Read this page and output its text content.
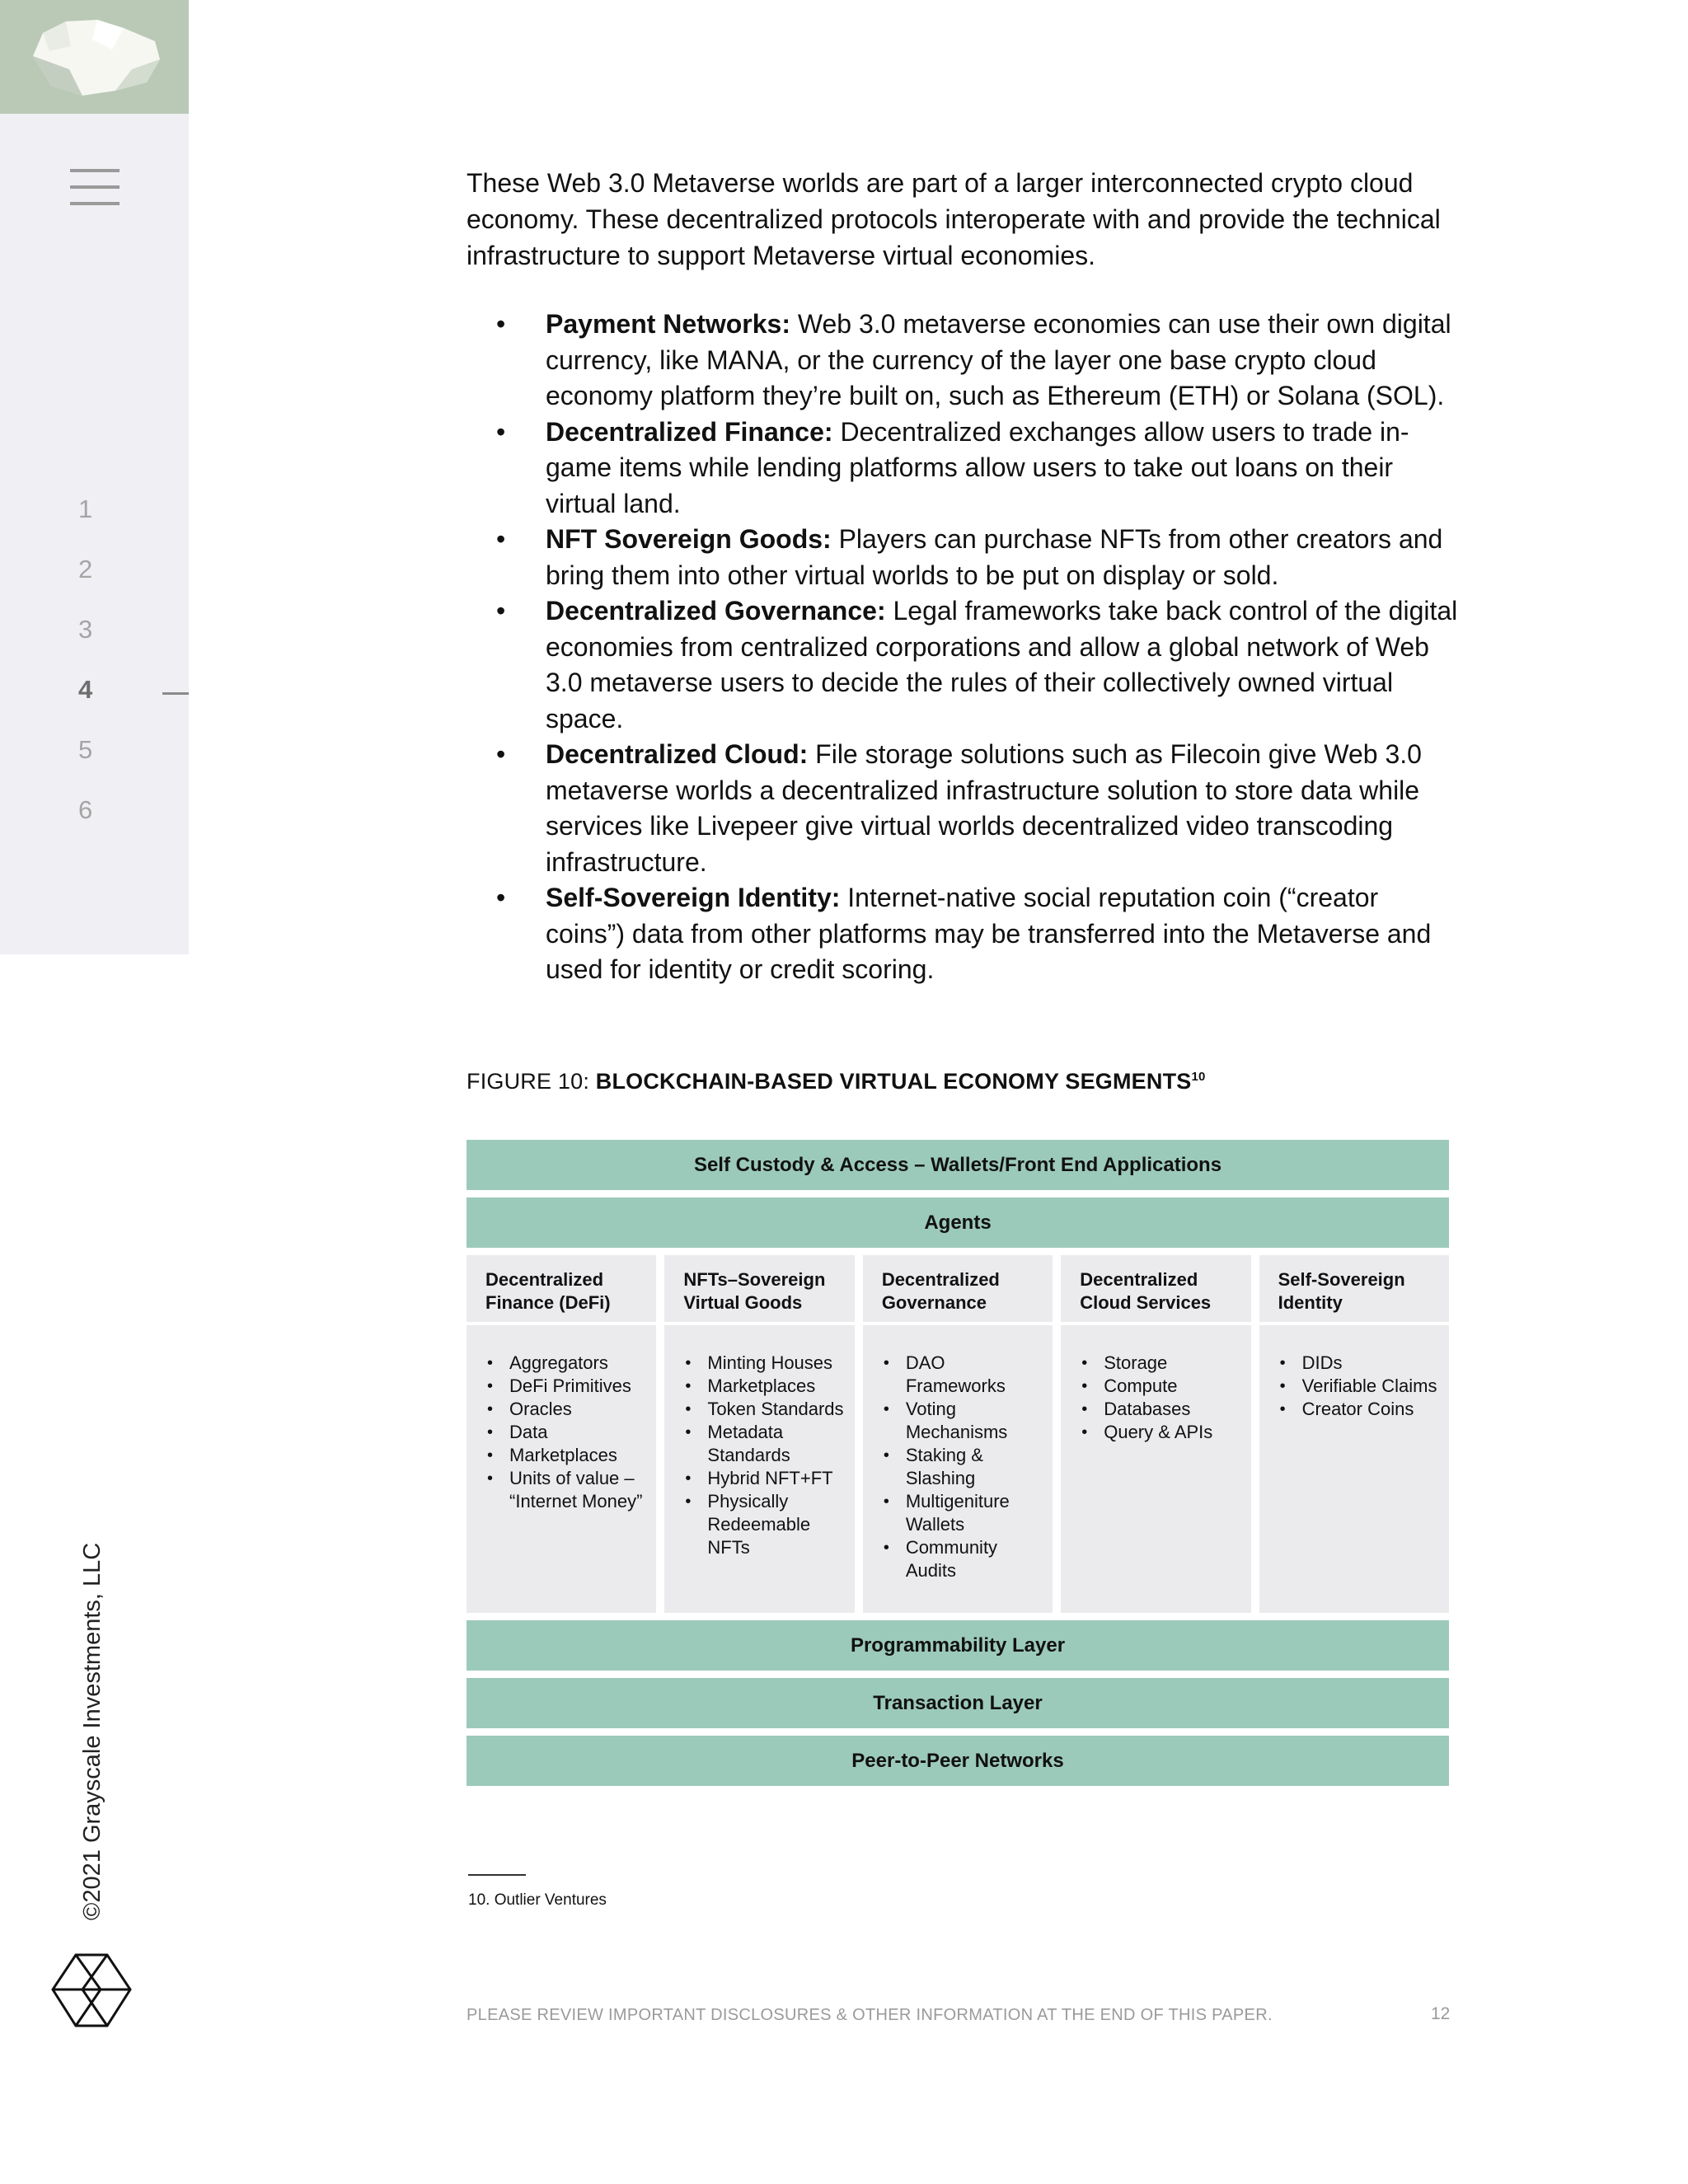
1
2
3
4
5
6
©2021 Grayscale Investments, LLC

These Web 3.0 Metaverse worlds are part of a larger interconnected crypto cloud economy. These decentralized protocols interoperate with and provide the technical infrastructure to support Metaverse virtual economies.

• Payment Networks: Web 3.0 metaverse economies can use their own digital currency, like MANA, or the currency of the layer one base crypto cloud economy platform they’re built on, such as Ethereum (ETH) or Solana (SOL).
• Decentralized Finance: Decentralized exchanges allow users to trade in-game items while lending platforms allow users to take out loans on their virtual land.
• NFT Sovereign Goods: Players can purchase NFTs from other creators and bring them into other virtual worlds to be put on display or sold.
• Decentralized Governance: Legal frameworks take back control of the digital economies from centralized corporations and allow a global network of Web 3.0 metaverse users to decide the rules of their collectively owned virtual space.
• Decentralized Cloud: File storage solutions such as Filecoin give Web 3.0 metaverse worlds a decentralized infrastructure solution to store data while services like Livepeer give virtual worlds decentralized video transcoding infrastructure.
• Self-Sovereign Identity: Internet-native social reputation coin (“creator coins”) data from other platforms may be transferred into the Metaverse and used for identity or credit scoring.
FIGURE 10: BLOCKCHAIN-BASED VIRTUAL ECONOMY SEGMENTS$^{10}$
Self Custody & Access – Wallets/Front End Applications
Agents
Decentralized Finance (DeFi)
• Aggregators
• DeFi Primitives
• Oracles
• Data
• Marketplaces
• Units of value – “Internet Money”
NFTs–Sovereign Virtual Goods
• Minting Houses
• Marketplaces
• Token Standards
• Metadata Standards
• Hybrid NFT+FT
• Physically Redeemable NFTs
Decentralized Governance
• DAO Frameworks
• Voting Mechanisms
• Staking & Slashing
• Multigeniture Wallets
• Community Audits
Decentralized Cloud Services
• Storage
• Compute
• Databases
• Query & APIs
Self-Sovereign Identity
• DIDs
• Verifiable Claims
• Creator Coins
Programmability Layer
Transaction Layer
Peer-to-Peer Networks
10. Outlier Ventures
PLEASE REVIEW IMPORTANT DISCLOSURES & OTHER INFORMATION AT THE END OF THIS PAPER.	12
